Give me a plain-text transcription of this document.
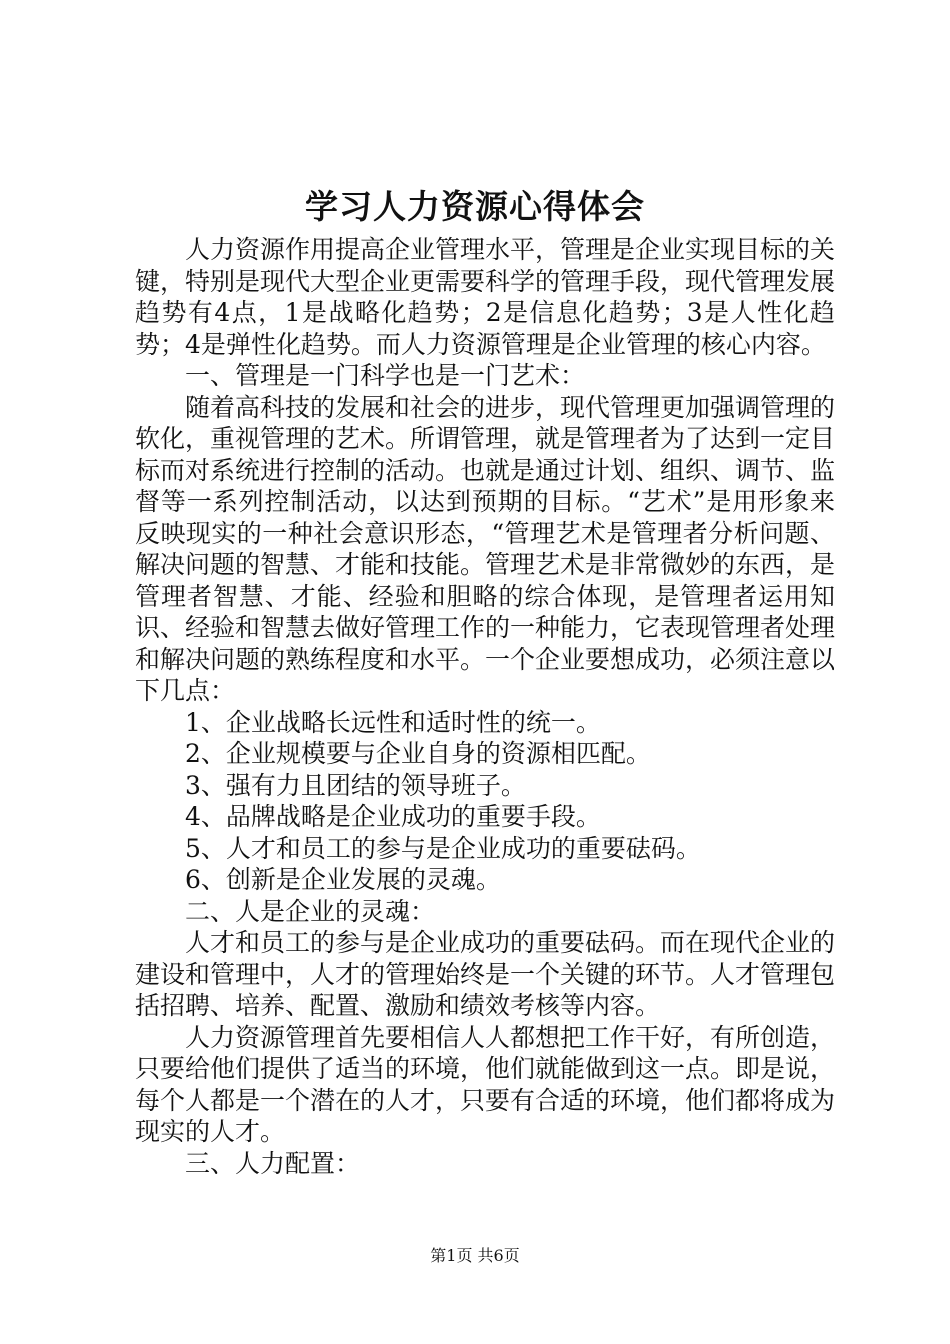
学习人力资源心得体会

人力资源作用提高企业管理水平，管理是企业实现目标的关键，特别是现代大型企业更需要科学的管理手段，现代管理发展趋势有4点，1是战略化趋势；2是信息化趋势；3是人性化趋势；4是弹性化趋势。而人力资源管理是企业管理的核心内容。

一、管理是一门科学也是一门艺术：

随着高科技的发展和社会的进步，现代管理更加强调管理的软化，重视管理的艺术。所谓管理，就是管理者为了达到一定目标而对系统进行控制的活动。也就是通过计划、组织、调节、监督等一系列控制活动，以达到预期的目标。“艺术”是用形象来反映现实的一种社会意识形态，“管理艺术是管理者分析问题、解决问题的智慧、才能和技能。管理艺术是非常微妙的东西，是管理者智慧、才能、经验和胆略的综合体现，是管理者运用知识、经验和智慧去做好管理工作的一种能力，它表现管理者处理和解决问题的熟练程度和水平。一个企业要想成功，必须注意以下几点：

1、企业战略长远性和适时性的统一。

2、企业规模要与企业自身的资源相匹配。

3、强有力且团结的领导班子。

4、品牌战略是企业成功的重要手段。

5、人才和员工的参与是企业成功的重要砝码。

6、创新是企业发展的灵魂。

二、人是企业的灵魂：

人才和员工的参与是企业成功的重要砝码。而在现代企业的建设和管理中，人才的管理始终是一个关键的环节。人才管理包括招聘、培养、配置、激励和绩效考核等内容。

人力资源管理首先要相信人人都想把工作干好，有所创造，只要给他们提供了适当的环境，他们就能做到这一点。即是说，每个人都是一个潜在的人才，只要有合适的环境，他们都将成为现实的人才。

三、人力配置：

第1页 共6页
